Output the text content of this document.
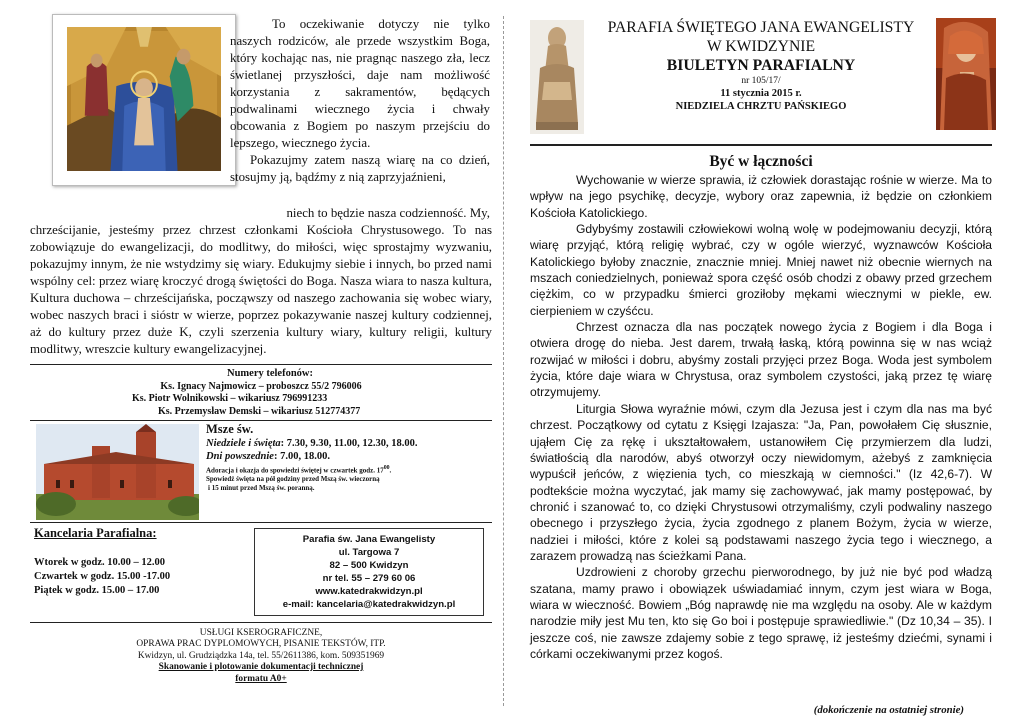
To oczekiwanie dotyczy nie tylko naszych rodziców, ale przede wszystkim Boga, który kochając nas, nie pragnąc naszego zła, lecz świetlanej przyszłości, daje nam możliwość korzystania z sakramentów, będących podwalinami wiecznego życia i chwały obcowania z Bogiem po naszym przejściu do lepszego, wiecznego życia.

Pokazujmy zatem naszą wiarę na co dzień, stosujmy ją, bądźmy z nią zaprzyjaźnieni,

niech to będzie nasza codzienność. My,
chrześcijanie, jesteśmy przez chrzest członkami Kościoła Chrystusowego. To nas zobowiązuje do ewangelizacji, do modlitwy, do miłości, więc sprostajmy wyzwaniu, pokazujmy innym, że nie wstydzimy się wiary. Edukujmy siebie i innych, bo przed nami wspólny cel: przez wiarę kroczyć drogą świętości do Boga. Nasza wiara to nasza kultura, Kultura duchowa – chrześcijańska, począwszy od naszego zachowania się wobec wiary, wobec naszych braci i sióstr w wierze, poprzez pokazywanie naszej kultury codziennej, aż do kultury przez duże K, czyli szerzenia kultury wiary, kultury religii, kultury modlitwy, wreszcie kultury ewangelizacyjnej.
Numery telefonów:
Ks. Ignacy Najmowicz – proboszcz 55/2 796006
Ks. Piotr Wolnikowski – wikariusz 796991233
Ks. Przemysław Demski – wikariusz 512774377
Msze św.
Niedziele i święta: 7.30, 9.30, 11.00, 12.30, 18.00.
Dni powszednie: 7.00, 18.00.
Adoracja i okazja do spowiedzi świętej w czwartek godz. $17^{00}$.
Spowiedź święta na pół godziny przed Mszą św. wieczorną
i 15 minut przed Mszą św. poranną.
Kancelaria Parafialna:
Wtorek w godz. 10.00 – 12.00
Czwartek w godz. 15.00 -17.00
Piątek w godz. 15.00 – 17.00
Parafia św. Jana Ewangelisty
ul. Targowa 7
82 – 500 Kwidzyn
nr tel. 55 – 279 60 06
www.katedrakwidzyn.pl
e-mail: kancelaria@katedrakwidzyn.pl
USŁUGI KSEROGRAFICZNE,
OPRAWA PRAC DYPLOMOWYCH, PISANIE TEKSTÓW, ITP.
Kwidzyn, ul. Grudziądzka 14a, tel. 55/2611386, kom. 509351969
Skanowanie i plotowanie dokumentacji technicznej
formatu A0+
PARAFIA ŚWIĘTEGO JANA EWANGELISTY
W KWIDZYNIE
BIULETYN PARAFIALNY
nr 105/17/
11 stycznia 2015 r.
NIEDZIELA CHRZTU PAŃSKIEGO
Być w łączności

Wychowanie w wierze sprawia, iż człowiek dorastając rośnie w wierze. Ma to wpływ na jego psychikę, decyzje, wybory oraz zapewnia, iż będzie on członkiem Kościoła Katolickiego.

Gdybyśmy zostawili człowiekowi wolną wolę w podejmowaniu decyzji, którą wiarę przyjąć, którą religię wybrać, czy w ogóle wierzyć, wyznawców Kościoła Katolickiego byłoby znacznie, znacznie mniej. Mniej nawet niż obecnie wiernych na mszach coniedzielnych, ponieważ spora część osób chodzi z obawy przed grzechem ciężkim, co w przypadku śmierci groziłoby mękami wiecznymi w piekle, ew. cierpieniem w czyśćcu.

Chrzest oznacza dla nas początek nowego życia z Bogiem i dla Boga i otwiera drogę do nieba. Jest darem, trwałą łaską, którą powinna się w nas wciąż rozwijać w miłości i dobru, abyśmy zostali przyjęci przez Boga. Woda jest symbolem życia, które daje wiara w Chrystusa, oraz symbolem czystości, jaką przez tę wiarę otrzymujemy.

Liturgia Słowa wyraźnie mówi, czym dla Jezusa jest i czym dla nas ma być chrzest. Początkowy od cytatu z Księgi Izajasza: "Ja, Pan, powołałem Cię słusznie, ująłem Cię za rękę i ukształtowałem, ustanowiłem Cię przymierzem dla ludzi, światłością dla narodów, abyś otworzył oczy niewidomym, ażebyś z zamknięcia wypuścił jeńców, z więzienia tych, co mieszkają w ciemności." (Iz 42,6-7). W podtekście można wyczytać, jak mamy się zachowywać, jak mamy postępować, by chronić i szanować to, co dzięki Chrystusowi otrzymaliśmy, czyli podwaliny naszego obecnego i przyszłego życia, życia zgodnego z planem Bożym, życia w wierze, nadziei i miłości, które z kolei są podstawami naszego życia tego i wiecznego, a zarazem prowadzą nas ścieżkami Pana.

Uzdrowieni z choroby grzechu pierworodnego, by już nie być pod władzą szatana, mamy prawo i obowiązek uświadamiać innym, czym jest wiara w Boga, wiara w wieczność. Bowiem „Bóg naprawdę nie ma względu na osoby. Ale w każdym narodzie miły jest Mu ten, kto się Go boi i postępuje sprawiedliwie." (Dz 10,34 – 35). I jeszcze coś, nie zawsze zdajemy sobie z tego sprawę, iż jesteśmy dziećmi, synami i córkami oczekiwanymi przez kogoś.

(dokończenie na ostatniej stronie)
